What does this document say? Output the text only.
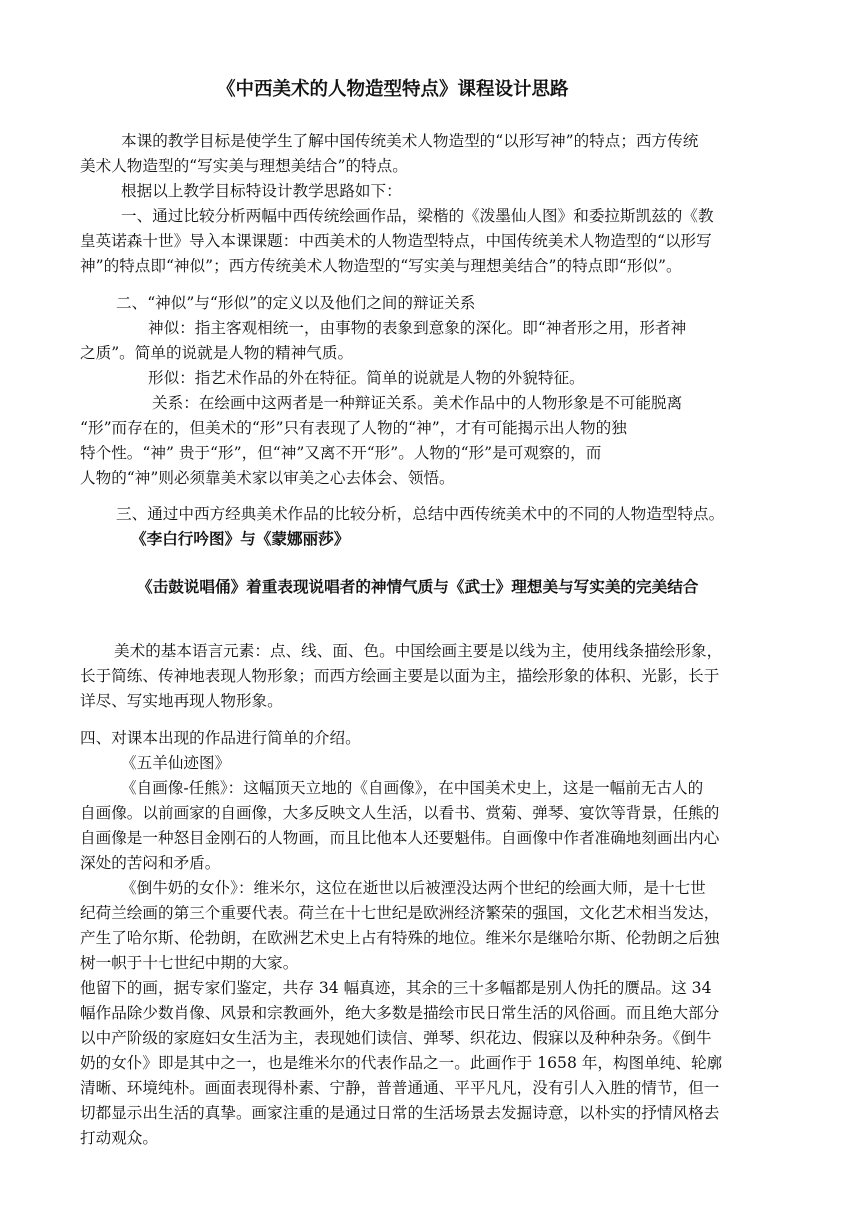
《中西美术的人物造型特点》课程设计思路
本课的教学目标是使学生了解中国传统美术人物造型的“以形写神”的特点；西方传统
美术人物造型的“写实美与理想美结合”的特点。
根据以上教学目标特设计教学思路如下：
一、通过比较分析两幅中西传统绘画作品，梁楷的《泼墨仙人图》和委拉斯凯兹的《教
皇英诺森十世》导入本课课题：中西美术的人物造型特点，中国传统美术人物造型的“以形写
神”的特点即“神似”；西方传统美术人物造型的“写实美与理想美结合”的特点即“形似”。
二、“神似”与“形似”的定义以及他们之间的辩证关系
神似：指主客观相统一，由事物的表象到意象的深化。即“神者形之用，形者神
之质”。简单的说就是人物的精神气质。
形似：指艺术作品的外在特征。简单的说就是人物的外貌特征。
关系：在绘画中这两者是一种辩证关系。美术作品中的人物形象是不可能脱离
“形”而存在的，但美术的“形”只有表现了人物的“神”，才有可能揭示出人物的独
特个性。“神” 贵于“形”，但“神”又离不开“形”。人物的“形”是可观察的，而
人物的“神”则必须靠美术家以审美之心去体会、领悟。
三、通过中西方经典美术作品的比较分析，总结中西传统美术中的不同的人物造型特点。
《李白行吟图》与《蒙娜丽莎》
《击鼓说唱俑》着重表现说唱者的神情气质与《武士》理想美与写实美的完美结合
美术的基本语言元素：点、线、面、色。中国绘画主要是以线为主，使用线条描绘形象，
长于简练、传神地表现人物形象；而西方绘画主要是以面为主，描绘形象的体积、光影，长于
详尽、写实地再现人物形象。
四、对课本出现的作品进行简单的介绍。
《五羊仙迹图》
《自画像-任熊》：这幅顶天立地的《自画像》，在中国美术史上，这是一幅前无古人的
自画像。以前画家的自画像，大多反映文人生活，以看书、赏菊、弹琴、宴饮等背景，任熊的
自画像是一种怒目金刚石的人物画，而且比他本人还要魁伟。自画像中作者准确地刻画出内心
深处的苦闷和矛盾。
《倒牛奶的女仆》：维米尔，这位在逝世以后被湮没达两个世纪的绘画大师，是十七世
纪荷兰绘画的第三个重要代表。荷兰在十七世纪是欧洲经济繁荣的强国，文化艺术相当发达，
产生了哈尔斯、伦勃朗，在欧洲艺术史上占有特殊的地位。维米尔是继哈尔斯、伦勃朗之后独
树一帜于十七世纪中期的大家。
他留下的画，据专家们鉴定，共存 34 幅真迹，其余的三十多幅都是别人伪托的赝品。这 34
幅作品除少数肖像、风景和宗教画外，绝大多数是描绘市民日常生活的风俗画。而且绝大部分
以中产阶级的家庭妇女生活为主，表现她们读信、弹琴、织花边、假寐以及种种杂务。《倒牛
奶的女仆》即是其中之一，也是维米尔的代表作品之一。此画作于 1658 年，构图单纯、轮廓
清晰、环境纯朴。画面表现得朴素、宁静，普普通通、平平凡凡，没有引人入胜的情节，但一
切都显示出生活的真挚。画家注重的是通过日常的生活场景去发掘诗意，以朴实的抒情风格去
打动观众。
